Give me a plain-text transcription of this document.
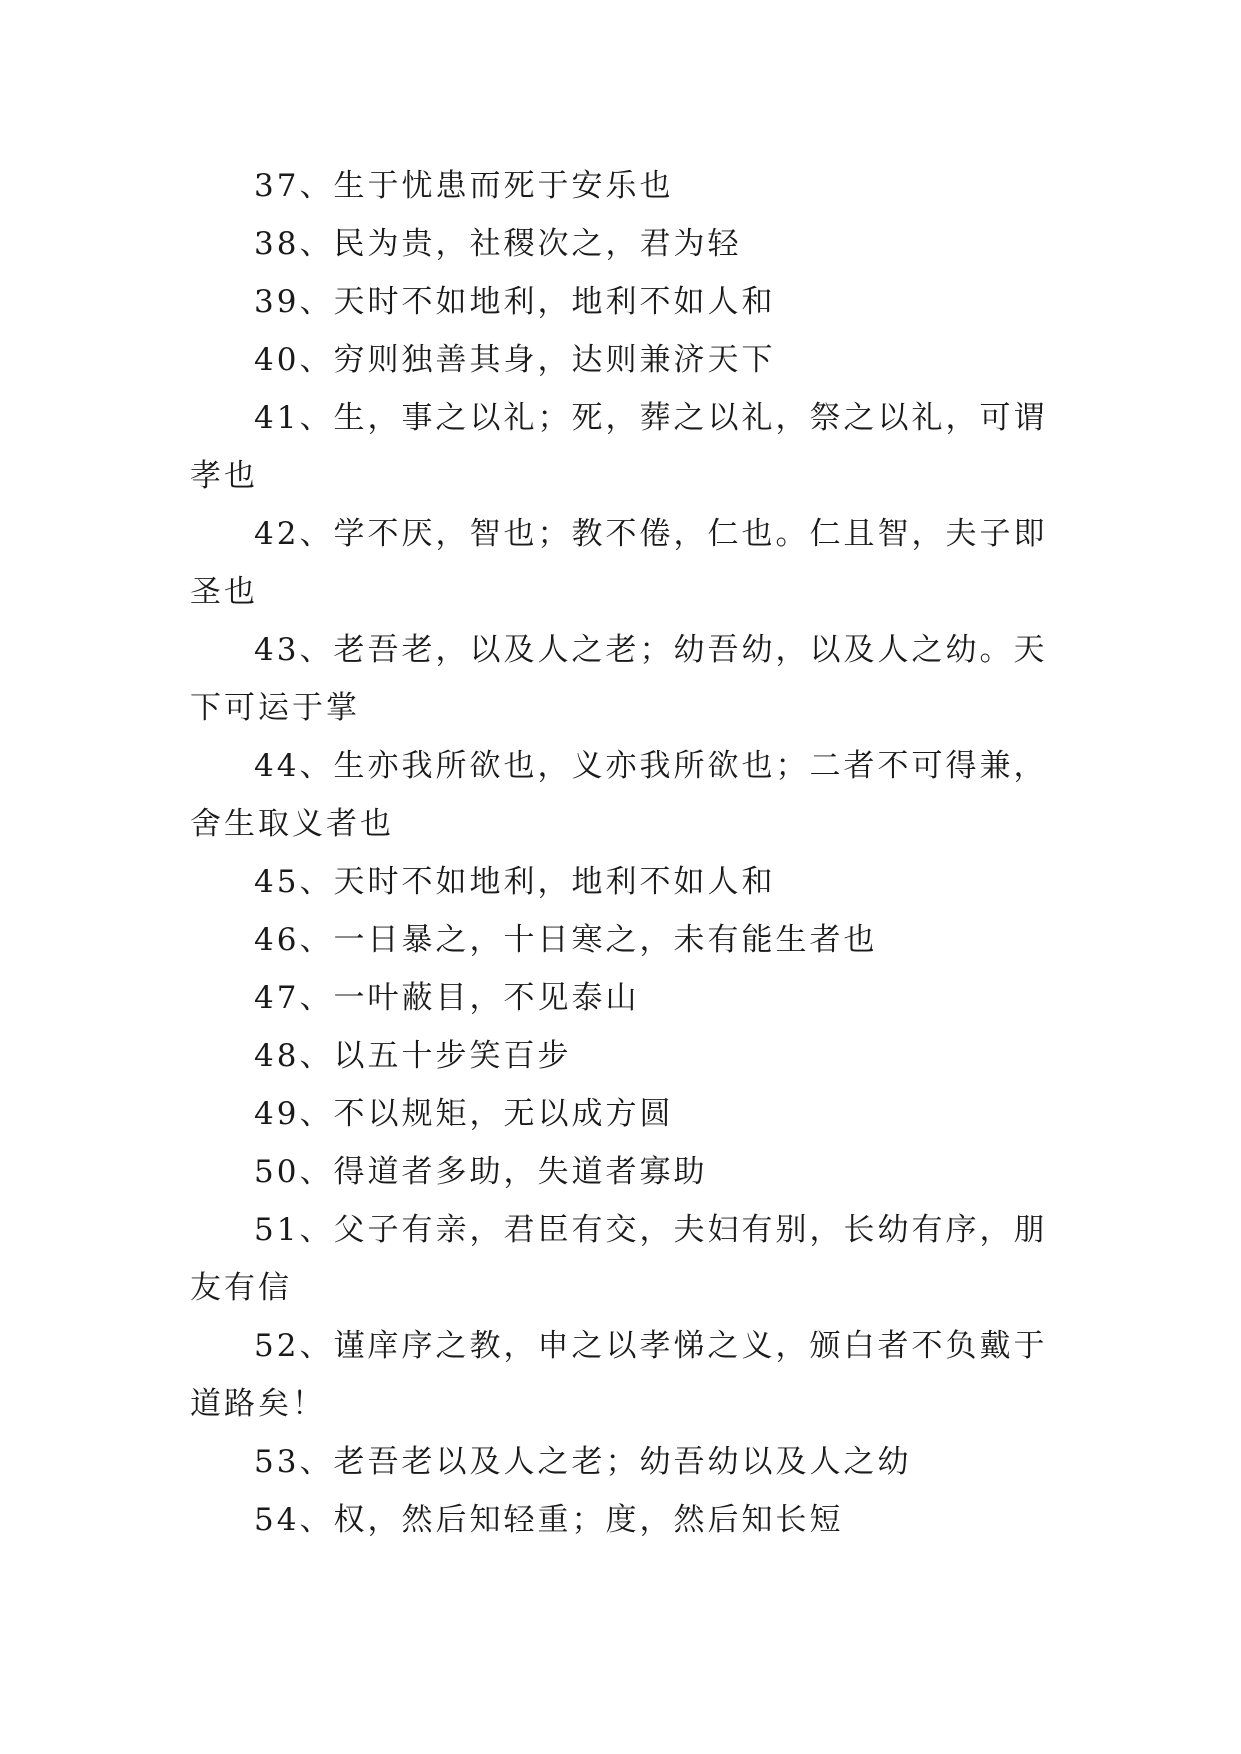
37、生于忧患而死于安乐也

38、民为贵，社稷次之，君为轻

39、天时不如地利，地利不如人和

40、穷则独善其身，达则兼济天下

41、生，事之以礼；死，葬之以礼，祭之以礼，可谓孝也

42、学不厌，智也；教不倦，仁也。仁且智，夫子即圣也

43、老吾老，以及人之老；幼吾幼，以及人之幼。天下可运于掌

44、生亦我所欲也，义亦我所欲也；二者不可得兼，舍生取义者也

45、天时不如地利，地利不如人和

46、一日暴之，十日寒之，未有能生者也

47、一叶蔽目，不见泰山

48、以五十步笑百步

49、不以规矩，无以成方圆

50、得道者多助，失道者寡助

51、父子有亲，君臣有交，夫妇有别，长幼有序，朋友有信

52、谨庠序之教，申之以孝悌之义，颁白者不负戴于道路矣！

53、老吾老以及人之老；幼吾幼以及人之幼

54、权，然后知轻重；度，然后知长短
